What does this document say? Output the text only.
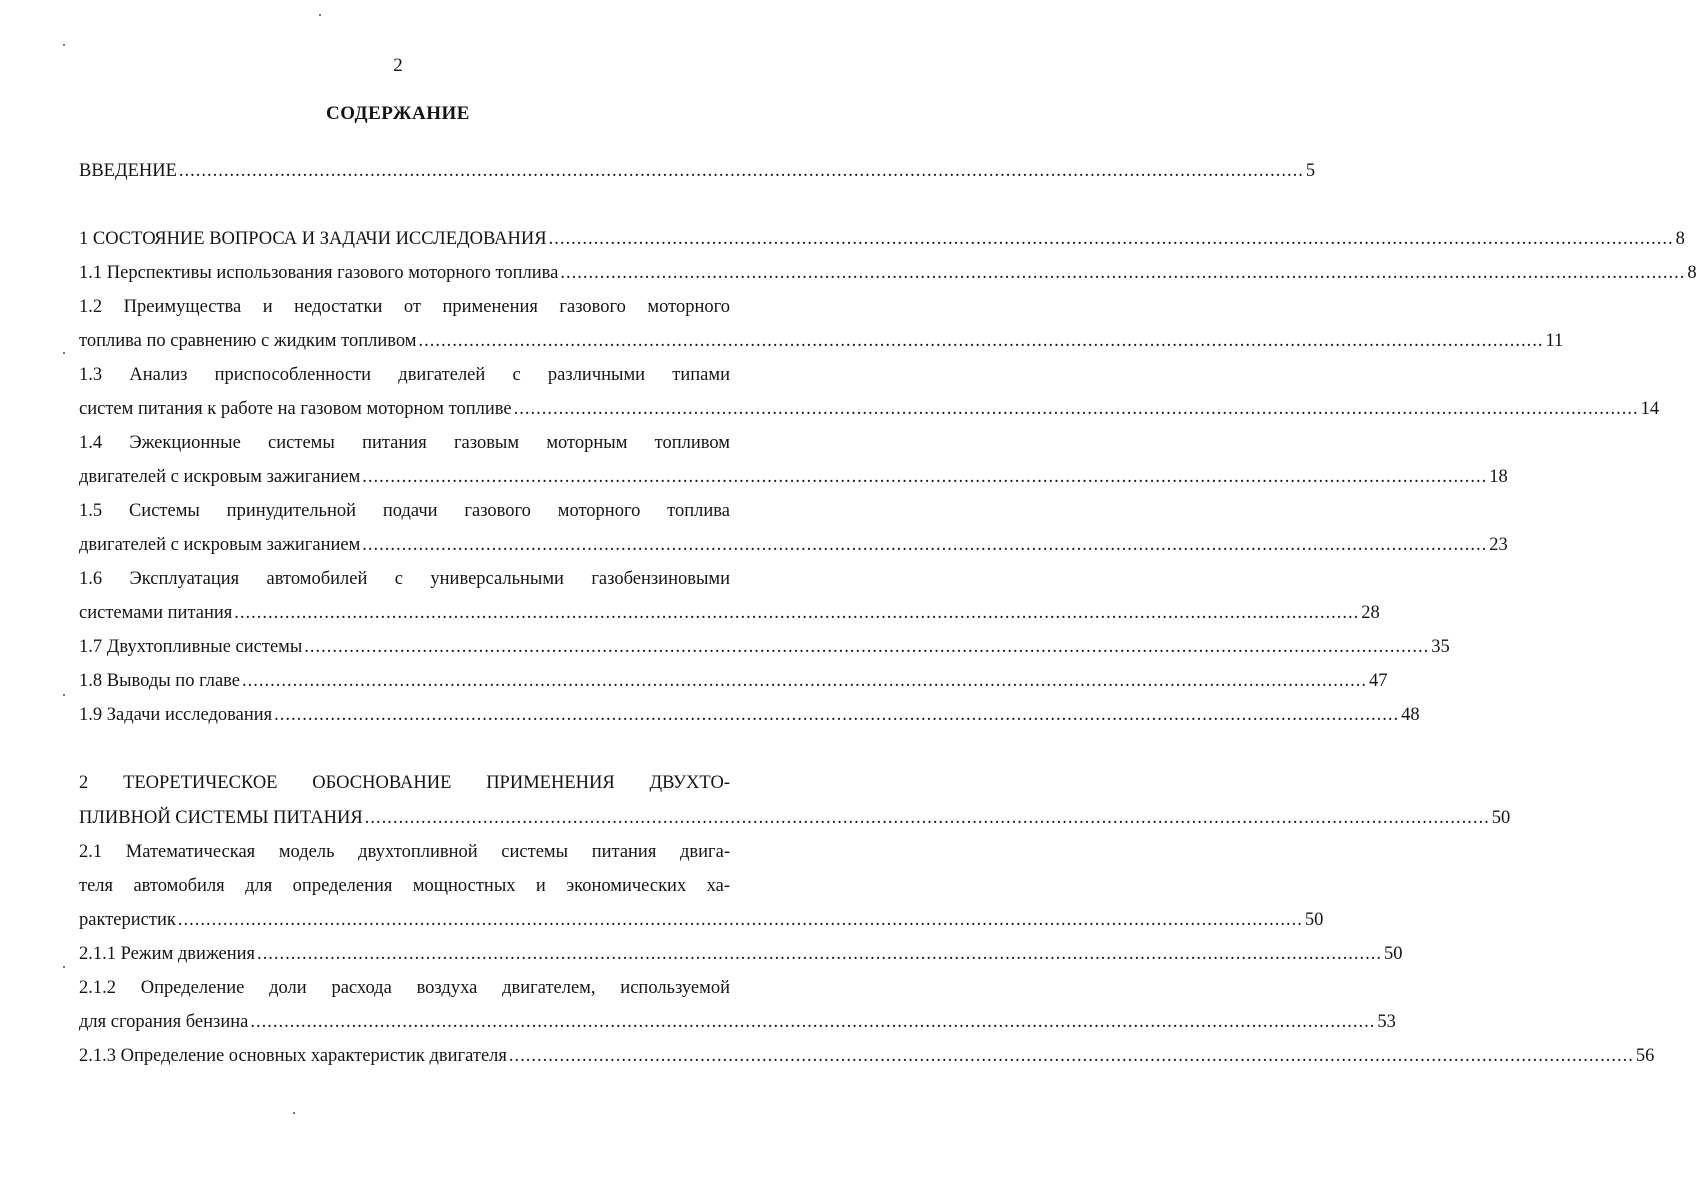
2
СОДЕРЖАНИЕ
ВВЕДЕНИЕ ........................................................................................................................................................................................................ 5
1 СОСТОЯНИЕ ВОПРОСА И ЗАДАЧИ ИССЛЕДОВАНИЯ ........................................................................................................................................................................................................ 8
1.1 Перспективы использования газового моторного топлива ........................................................................................................................................................................................................ 8
1.2 Преимущества и недостатки от применения газового моторного
топлива по сравнению с жидким топливом ........................................................................................................................................................................................................ 11
1.3 Анализ приспособленности двигателей с различными типами
систем питания к работе на газовом моторном топливе ........................................................................................................................................................................................................ 14
1.4 Эжекционные системы питания газовым моторным топливом
двигателей с искровым зажиганием ........................................................................................................................................................................................................ 18
1.5 Системы принудительной подачи газового моторного топлива
двигателей с искровым зажиганием ........................................................................................................................................................................................................ 23
1.6 Эксплуатация автомобилей с универсальными газобензиновыми
системами питания ........................................................................................................................................................................................................ 28
1.7 Двухтопливные системы ........................................................................................................................................................................................................ 35
1.8 Выводы по главе ........................................................................................................................................................................................................ 47
1.9 Задачи исследования ........................................................................................................................................................................................................ 48
2 ТЕОРЕТИЧЕСКОЕ ОБОСНОВАНИЕ ПРИМЕНЕНИЯ ДВУХТО-
ПЛИВНОЙ СИСТЕМЫ ПИТАНИЯ ........................................................................................................................................................................................................ 50
2.1 Математическая модель двухтопливной системы питания двига-
теля автомобиля для определения мощностных и экономических ха-
рактеристик ........................................................................................................................................................................................................ 50
2.1.1 Режим движения ........................................................................................................................................................................................................ 50
2.1.2 Определение доли расхода воздуха двигателем, используемой
для сгорания бензина ........................................................................................................................................................................................................ 53
2.1.3 Определение основных характеристик двигателя ........................................................................................................................................................................................................ 56
